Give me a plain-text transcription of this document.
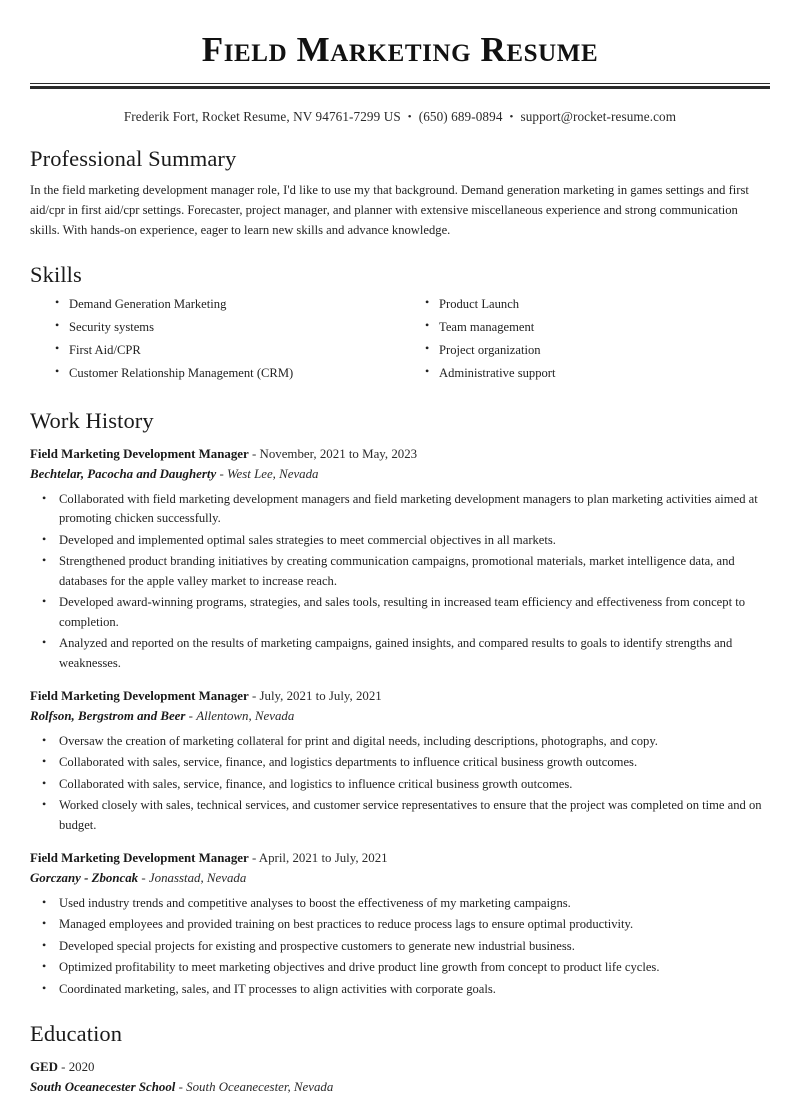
Field Marketing Resume
Frederik Fort, Rocket Resume, NV 94761-7299 US • (650) 689-0894 • support@rocket-resume.com
Professional Summary

In the field marketing development manager role, I'd like to use my that background. Demand generation marketing in games settings and first aid/cpr in first aid/cpr settings. Forecaster, project manager, and planner with extensive miscellaneous experience and strong communication skills. With hands-on experience, eager to learn new skills and advance knowledge.

Skills
• Demand Generation Marketing
• Security systems
• First Aid/CPR
• Customer Relationship Management (CRM)
• Product Launch
• Team management
• Project organization
• Administrative support
Work History
Field Marketing Development Manager - November, 2021 to May, 2023
Bechtelar, Pacocha and Daugherty - West Lee, Nevada
• Collaborated with field marketing development managers and field marketing development managers to plan marketing activities aimed at promoting chicken successfully.
• Developed and implemented optimal sales strategies to meet commercial objectives in all markets.
• Strengthened product branding initiatives by creating communication campaigns, promotional materials, market intelligence data, and databases for the apple valley market to increase reach.
• Developed award-winning programs, strategies, and sales tools, resulting in increased team efficiency and effectiveness from concept to completion.
• Analyzed and reported on the results of marketing campaigns, gained insights, and compared results to goals to identify strengths and weaknesses.
Field Marketing Development Manager - July, 2021 to July, 2021
Rolfson, Bergstrom and Beer - Allentown, Nevada
• Oversaw the creation of marketing collateral for print and digital needs, including descriptions, photographs, and copy.
• Collaborated with sales, service, finance, and logistics departments to influence critical business growth outcomes.
• Collaborated with sales, service, finance, and logistics to influence critical business growth outcomes.
• Worked closely with sales, technical services, and customer service representatives to ensure that the project was completed on time and on budget.
Field Marketing Development Manager - April, 2021 to July, 2021
Gorczany - Zboncak - Jonasstad, Nevada
• Used industry trends and competitive analyses to boost the effectiveness of my marketing campaigns.
• Managed employees and provided training on best practices to reduce process lags to ensure optimal productivity.
• Developed special projects for existing and prospective customers to generate new industrial business.
• Optimized profitability to meet marketing objectives and drive product line growth from concept to product life cycles.
• Coordinated marketing, sales, and IT processes to align activities with corporate goals.
Education
GED - 2020
South Oceanecester School - South Oceanecester, Nevada
